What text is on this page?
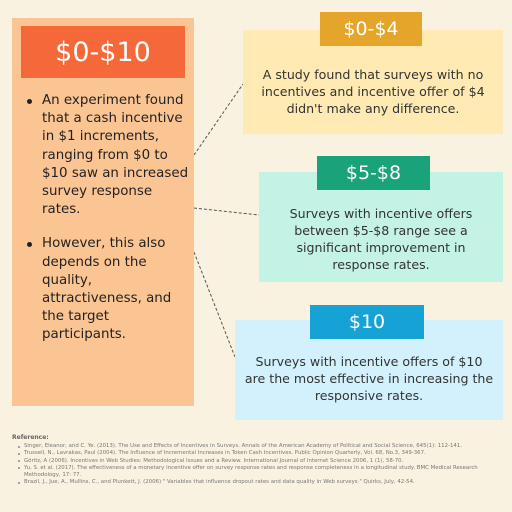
$0-$10
An experiment found that a cash incentive in $1 increments, ranging from $0 to $10 saw an increased survey response rates.
However, this also depends on the quality, attractiveness, and the target participants.
$0-$4
A study found that surveys with no incentives and incentive offer of $4 didn't make any difference.
$5-$8
Surveys with incentive offers between $5-$8 range see a significant improvement in response rates.
$10
Surveys with incentive offers of $10 are the most effective in increasing the responsive rates.
Reference:
Singer, Eleanor, and C. Ye. (2013). The Use and Effects of Incentives in Surveys. Annals of the American Academy of Political and Social Science, 645(1): 112-141.
Trussell, N., Lavrakas, Paul (2004). The Influence of Incremental Increases in Token Cash Incentives. Public Opinion Quarterly, Vol. 68, No.3, 349-367.
Göritz, A (2006). Incentives in Web Studies: Methodological Issues and a Review. International Journal of Internet Science 2006, 1 (1), 58-70.
Yu, S. et al. (2017). The effectiveness of a monetary incentive offer on survey response rates and response completeness in a longitudinal study. BMC Medical Research Methodology, 17: 77.
Brazil, J., Jue, A., Mullins, C., and Plunkett, J. (2006) " Variables that influence dropout rates and data quality in Web surveys " Quirks, July, 42-54.
